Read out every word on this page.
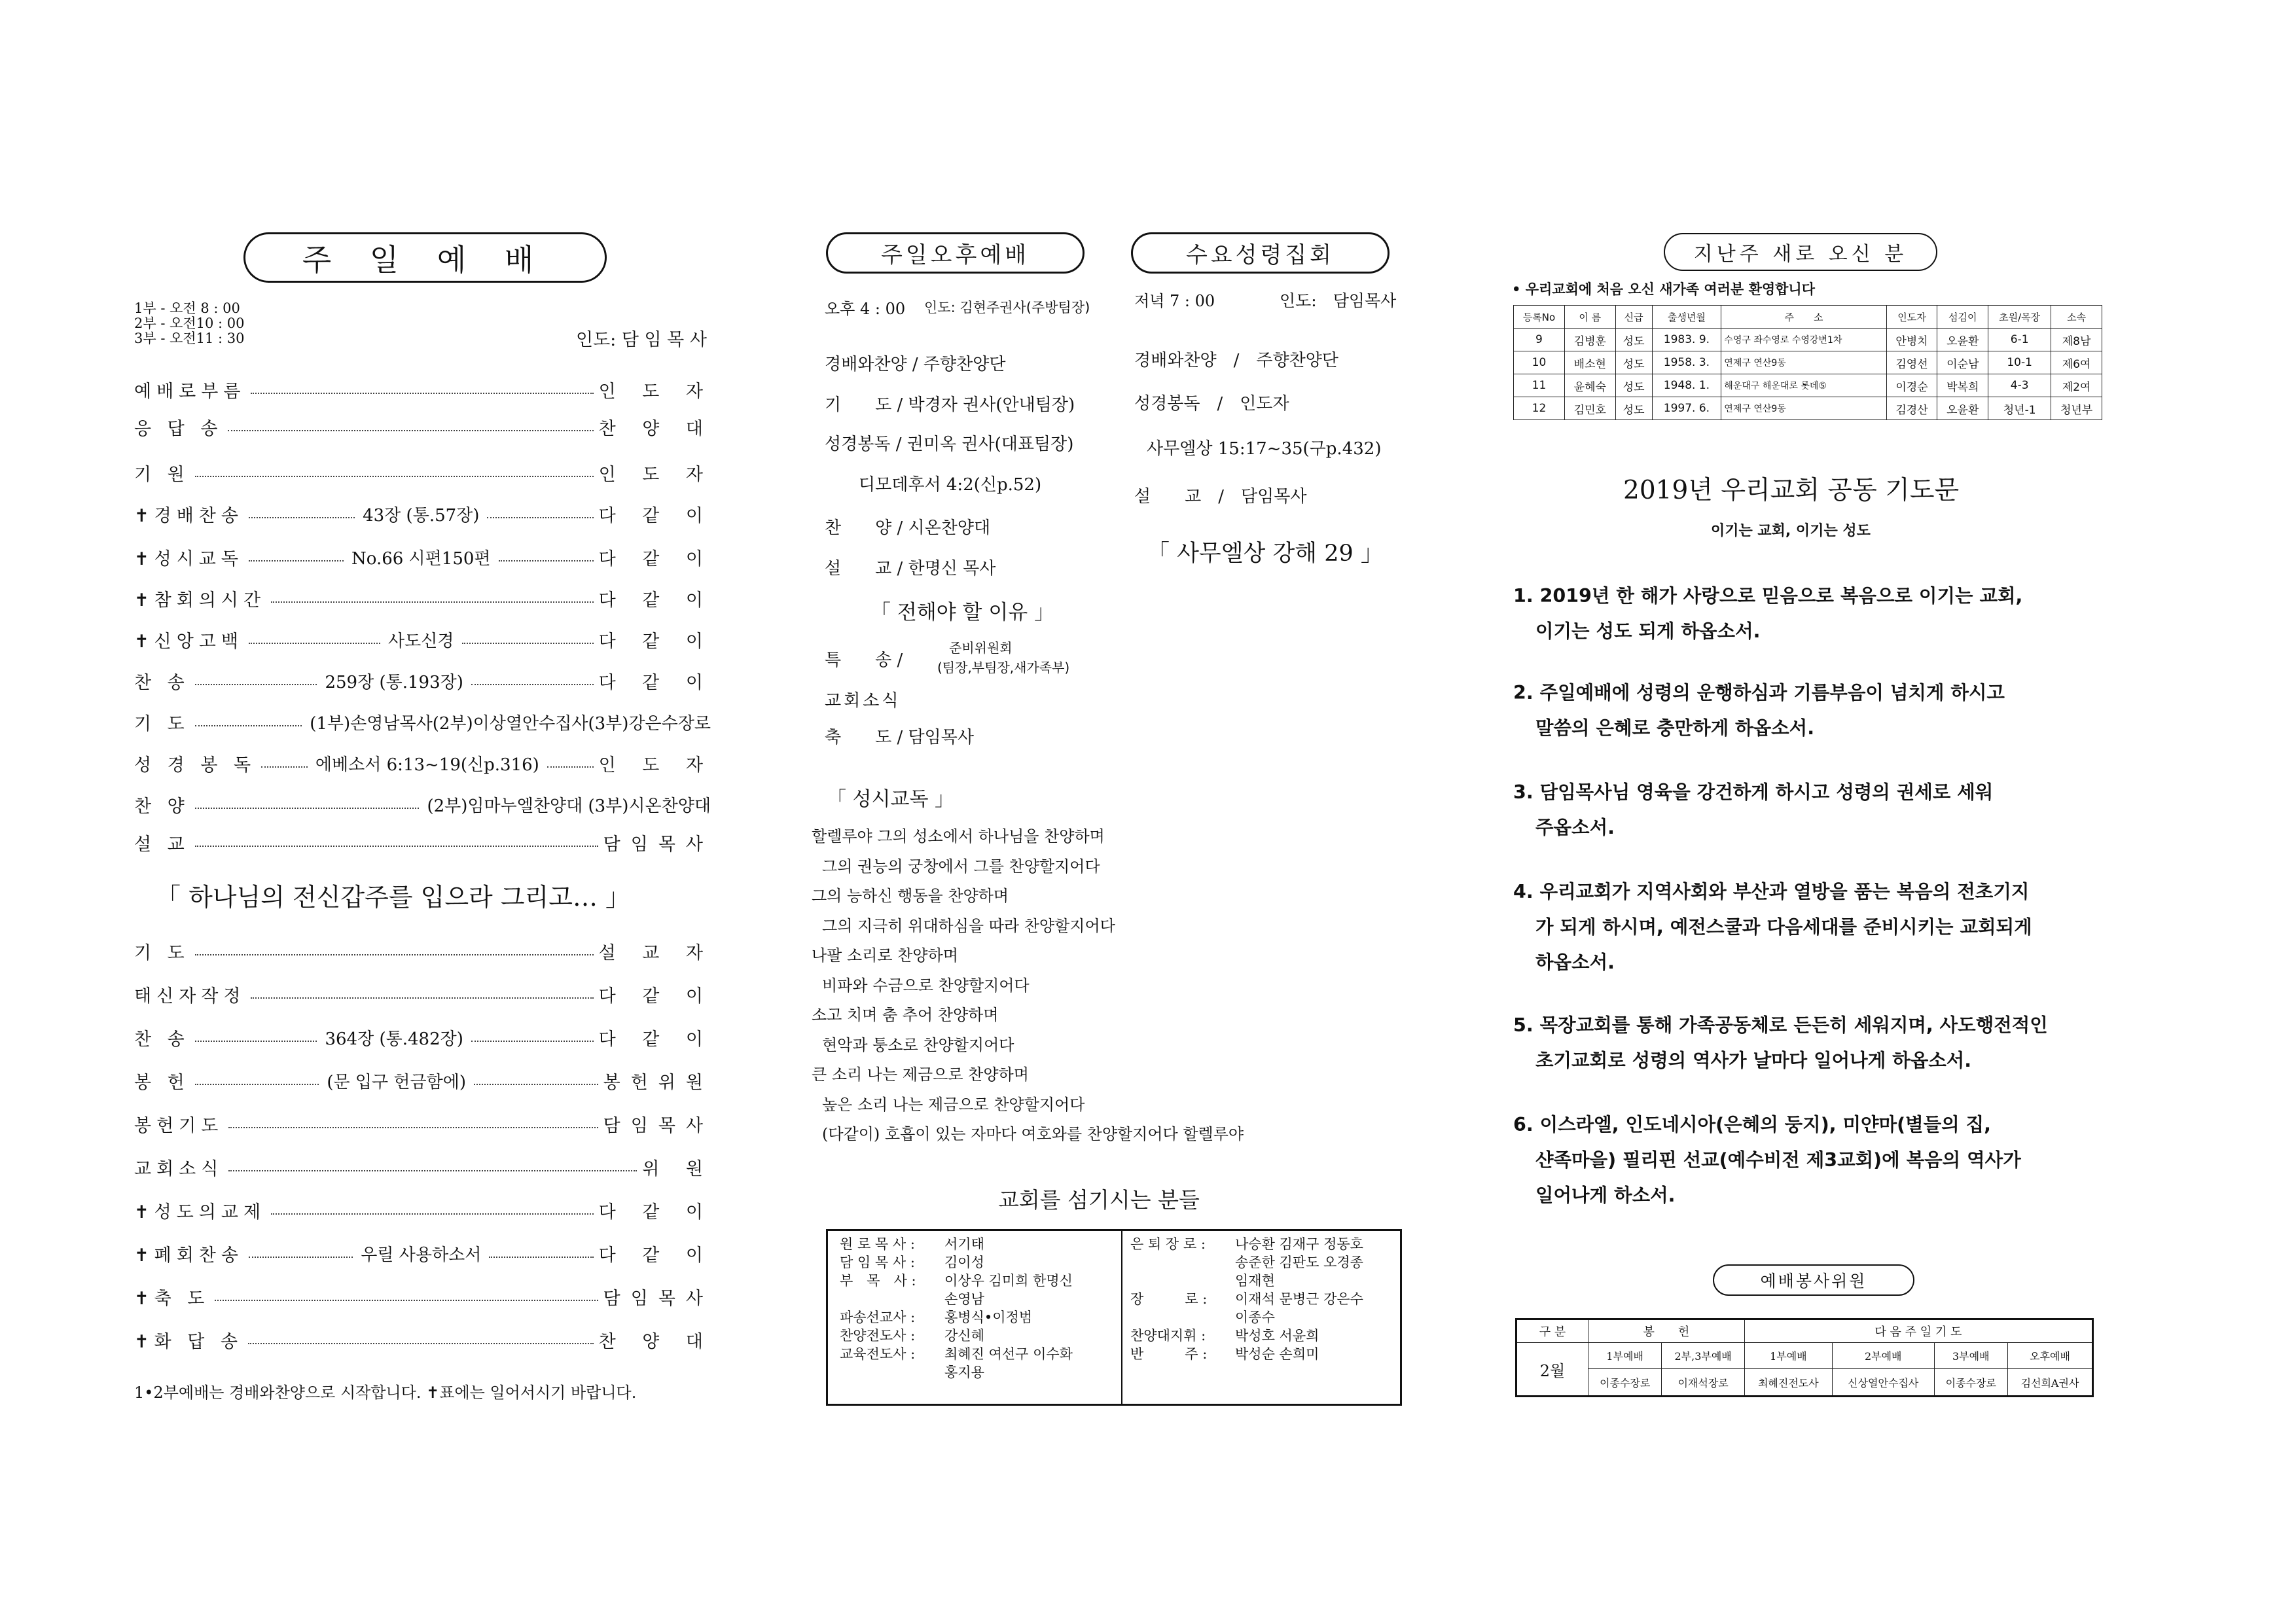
주 일 예 배
1부 - 오전 8 : 00
2부 - 오전10 : 00
3부 - 오전11 : 30	인도: 담 임 목 사
예배로부름	인 도 자
응 답 송	찬 양 대
기 원	인 도 자
✝경배찬송	43장 (통.57장)	다 같 이
✝성시교독	No.66 시편150편	다 같 이
✝참회의시간	다 같 이
✝신앙고백	사도신경	다 같 이
찬 송	259장 (통.193장)	다 같 이
기 도	(1부)손영남목사(2부)이상열안수집사(3부)강은수장로
성 경 봉 독	에베소서 6:13~19(신p.316)	인 도 자
찬 양	(2부)임마누엘찬양대 (3부)시온찬양대
설 교	담임목사
「 하나님의 전신갑주를 입으라 그리고… 」
기 도	설 교 자
태신자작정	다 같 이
찬 송	364장 (통.482장)	다 같 이
봉 헌	(문 입구 헌금함에)	봉헌위원
봉헌기도	담임목사
교회소식	위 원
✝성도의교제	다 같 이
✝폐회찬송	우릴 사용하소서	다 같 이
✝축 도	담임목사
✝화 답 송	찬 양 대
1•2부예배는 경배와찬양으로 시작합니다. ✝표에는 일어서시기 바랍니다.
주일오후예배	수요성령집회
오후 4 : 00 인도: 김현주권사(주방팀장)
경배와찬양 / 주향찬양단
기　　도 / 박경자 권사(안내팀장)
성경봉독 / 권미옥 권사(대표팀장)
디모데후서 4:2(신p.52)
찬　　양 / 시온찬양대
설　　교 / 한명신 목사
「 전해야 할 이유 」
특　　송 /
준비위원회
(팀장,부팀장,새가족부)
교회소식
축　　도 / 담임목사
저녁 7 : 00	인도:　담임목사
경배와찬양　/　주향찬양단
성경봉독　/　인도자
사무엘상 15:17~35(구p.432)
설　　교　/　담임목사
「 사무엘상 강해 29 」
｢ 성시교독 ｣
할렐루야 그의 성소에서 하나님을 찬양하며
그의 권능의 궁창에서 그를 찬양할지어다
그의 능하신 행동을 찬양하며
그의 지극히 위대하심을 따라 찬양할지어다
나팔 소리로 찬양하며
비파와 수금으로 찬양할지어다
소고 치며 춤 추어 찬양하며
현악과 퉁소로 찬양할지어다
큰 소리 나는 제금으로 찬양하며
높은 소리 나는 제금으로 찬양할지어다
(다같이) 호흡이 있는 자마다 여호와를 찬양할지어다 할렐루야
교회를 섬기시는 분들
원 로 목 사 :	서기태
담 임 목 사 :	김이성
부　목　사 :	이상우 김미희 한명신
손영남
파송선교사 :	홍병식•이정범
찬양전도사 :	강신혜
교육전도사 :	최혜진 여선구 이수화
홍지용
은 퇴 장 로 :	나승환 김재구 정동호
송준한 김판도 오경종
임재현
장　　　로 :	이재석 문병근 강은수
이종수
찬양대지휘 :	박성호 서윤희
반　　　주 :	박성순 손희미
지난주 새로 오신 분
• 우리교회에 처음 오신 새가족 여러분 환영합니다
등록No	이 름	신급	출생년월	주　　소	인도자	섬김이	초원/목장	소속
9	김병훈	성도	1983. 9.	수영구 좌수영로 수영강변1차	안병치	오윤환	6-1	제8남
10	배소현	성도	1958. 3.	연제구 연산9동	김영선	이순남	10-1	제6여
11	윤혜숙	성도	1948. 1.	해운대구 해운대로 롯데⑤	이경순	박복희	4-3	제2여
12	김민호	성도	1997. 6.	연제구 연산9동	김경산	오윤환	청년-1	청년부
2019년 우리교회 공동 기도문
이기는 교회, 이기는 성도
1. 2019년 한 해가 사랑으로 믿음으로 복음으로 이기는 교회,
이기는 성도 되게 하옵소서.
2. 주일예배에 성령의 운행하심과 기름부음이 넘치게 하시고
말씀의 은혜로 충만하게 하옵소서.
3. 담임목사님 영육을 강건하게 하시고 성령의 권세로 세워
주옵소서.
4. 우리교회가 지역사회와 부산과 열방을 품는 복음의 전초기지
가 되게 하시며, 예전스쿨과 다음세대를 준비시키는 교회되게
하옵소서.
5. 목장교회를 통해 가족공동체로 든든히 세워지며, 사도행전적인
초기교회로 성령의 역사가 날마다 일어나게 하옵소서.
6. 이스라엘, 인도네시아(은혜의 둥지), 미얀마(별들의 집,
샨족마을) 필리핀 선교(예수비전 제3교회)에 복음의 역사가
일어나게 하소서.
예배봉사위원
구 분	봉　　헌		다 음 주 일 기 도			
2월	1부예배	2부,3부예배	1부예배	2부예배	3부예배	오후예배
	이종수장로	이재석장로	최혜진전도사	신상열안수집사	이종수장로	김선희A권사
